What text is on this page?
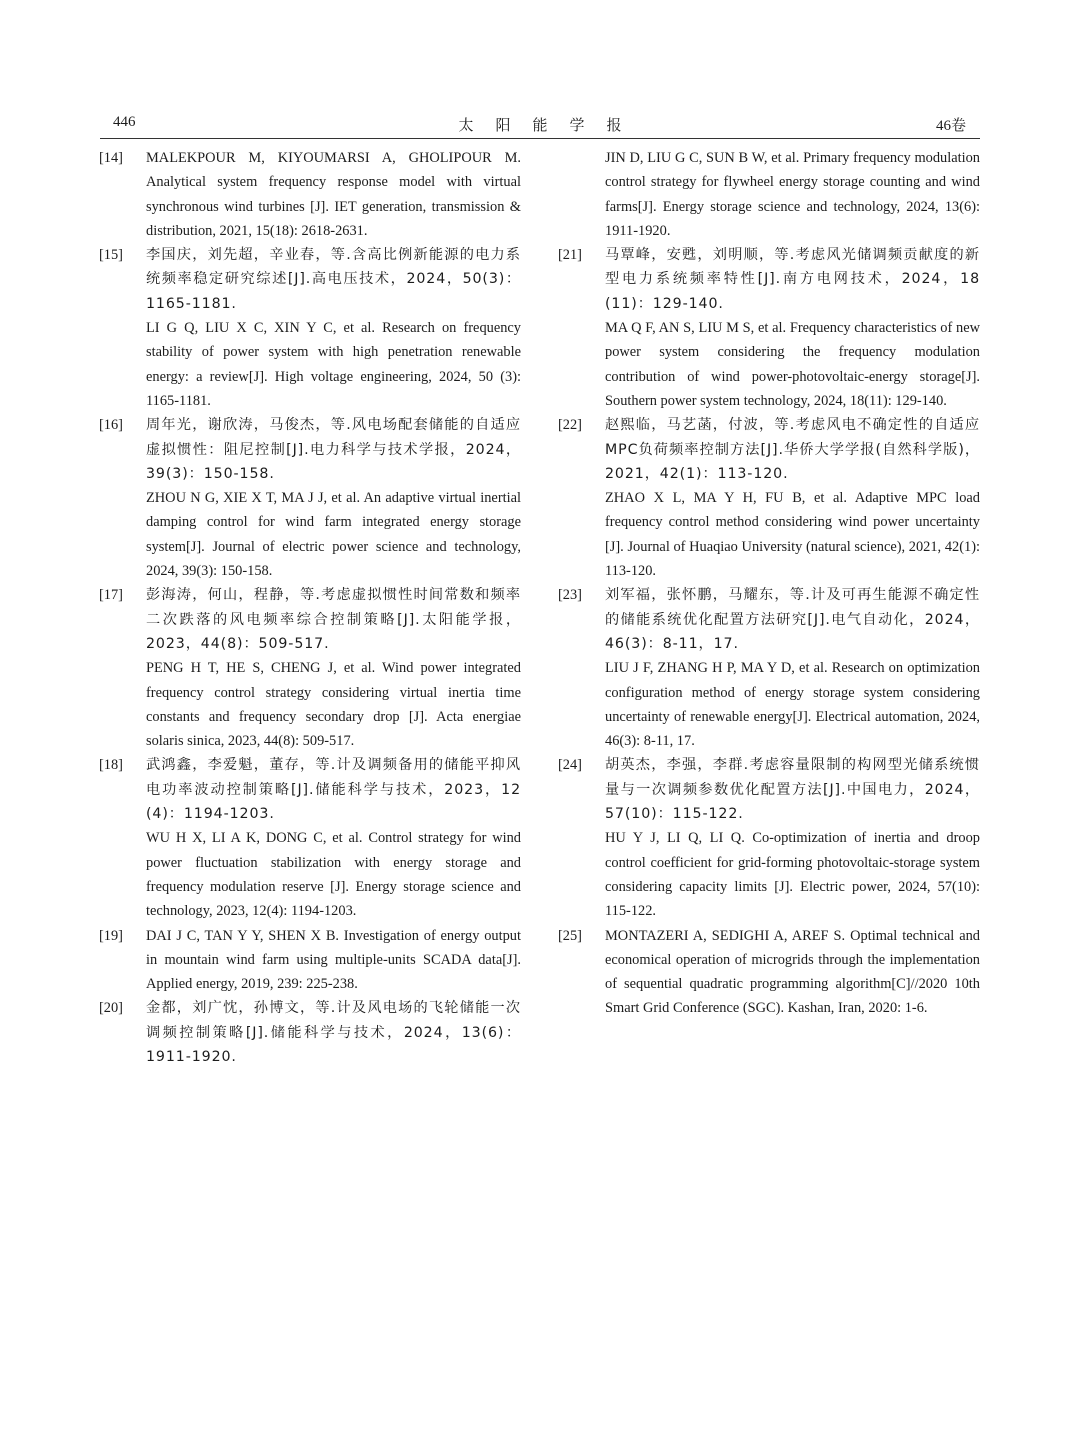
446	太阳能学报	46卷
[14] MALEKPOUR M, KIYOUMARSI A, GHOLIPOUR M. Analytical system frequency response model with virtual synchronous wind turbines [J]. IET generation, transmission & distribution, 2021, 15(18): 2618-2631.
[15] 李国庆，刘先超，辛业春，等.含高比例新能源的电力系统频率稳定研究综述[J].高电压技术，2024，50(3)：1165-1181.
LI G Q, LIU X C, XIN Y C, et al. Research on frequency stability of power system with high penetration renewable energy: a review[J]. High voltage engineering, 2024, 50 (3): 1165-1181.
[16] 周年光，谢欣涛，马俊杰，等.风电场配套储能的自适应虚拟惯性：阻尼控制[J].电力科学与技术学报，2024，39(3)：150-158.
ZHOU N G, XIE X T, MA J J, et al. An adaptive virtual inertial damping control for wind farm integrated energy storage system[J]. Journal of electric power science and technology, 2024, 39(3): 150-158.
[17] 彭海涛，何山，程静，等.考虑虚拟惯性时间常数和频率二次跌落的风电频率综合控制策略[J].太阳能学报，2023，44(8)：509-517.
PENG H T, HE S, CHENG J, et al. Wind power integrated frequency control strategy considering virtual inertia time constants and frequency secondary drop [J]. Acta energiae solaris sinica, 2023, 44(8): 509-517.
[18] 武鸿鑫，李爱魁，董存，等.计及调频备用的储能平抑风电功率波动控制策略[J].储能科学与技术，2023，12 (4)：1194-1203.
WU H X, LI A K, DONG C, et al. Control strategy for wind power fluctuation stabilization with energy storage and frequency modulation reserve [J]. Energy storage science and technology, 2023, 12(4): 1194-1203.
[19] DAI J C, TAN Y Y, SHEN X B. Investigation of energy output in mountain wind farm using multiple-units SCADA data[J]. Applied energy, 2019, 239: 225-238.
[20] 金都，刘广忱，孙博文，等.计及风电场的飞轮储能一次调频控制策略[J].储能科学与技术，2024，13(6)：1911-1920.
JIN D, LIU G C, SUN B W, et al. Primary frequency modulation control strategy for flywheel energy storage counting and wind farms[J]. Energy storage science and technology, 2024, 13(6): 1911-1920.
[21] 马覃峰，安甦，刘明顺，等.考虑风光储调频贡献度的新型电力系统频率特性[J].南方电网技术，2024，18 (11)：129-140.
MA Q F, AN S, LIU M S, et al. Frequency characteristics of new power system considering the frequency modulation contribution of wind power-photovoltaic-energy storage[J]. Southern power system technology, 2024, 18(11): 129-140.
[22] 赵熙临，马艺菡，付波，等.考虑风电不确定性的自适应MPC负荷频率控制方法[J].华侨大学学报(自然科学版)，2021，42(1)：113-120.
ZHAO X L, MA Y H, FU B, et al. Adaptive MPC load frequency control method considering wind power uncertainty [J]. Journal of Huaqiao University (natural science), 2021, 42(1): 113-120.
[23] 刘军福，张怀鹏，马耀东，等.计及可再生能源不确定性的储能系统优化配置方法研究[J].电气自动化，2024，46(3)：8-11，17.
LIU J F, ZHANG H P, MA Y D, et al. Research on optimization configuration method of energy storage system considering uncertainty of renewable energy[J]. Electrical automation, 2024, 46(3): 8-11, 17.
[24] 胡英杰，李强，李群.考虑容量限制的构网型光储系统惯量与一次调频参数优化配置方法[J].中国电力，2024，57(10)：115-122.
HU Y J, LI Q, LI Q. Co-optimization of inertia and droop control coefficient for grid-forming photovoltaic-storage system considering capacity limits [J]. Electric power, 2024, 57(10): 115-122.
[25] MONTAZERI A, SEDIGHI A, AREF S. Optimal technical and economical operation of microgrids through the implementation of sequential quadratic programming algorithm[C]//2020 10th Smart Grid Conference (SGC). Kashan, Iran, 2020: 1-6.
